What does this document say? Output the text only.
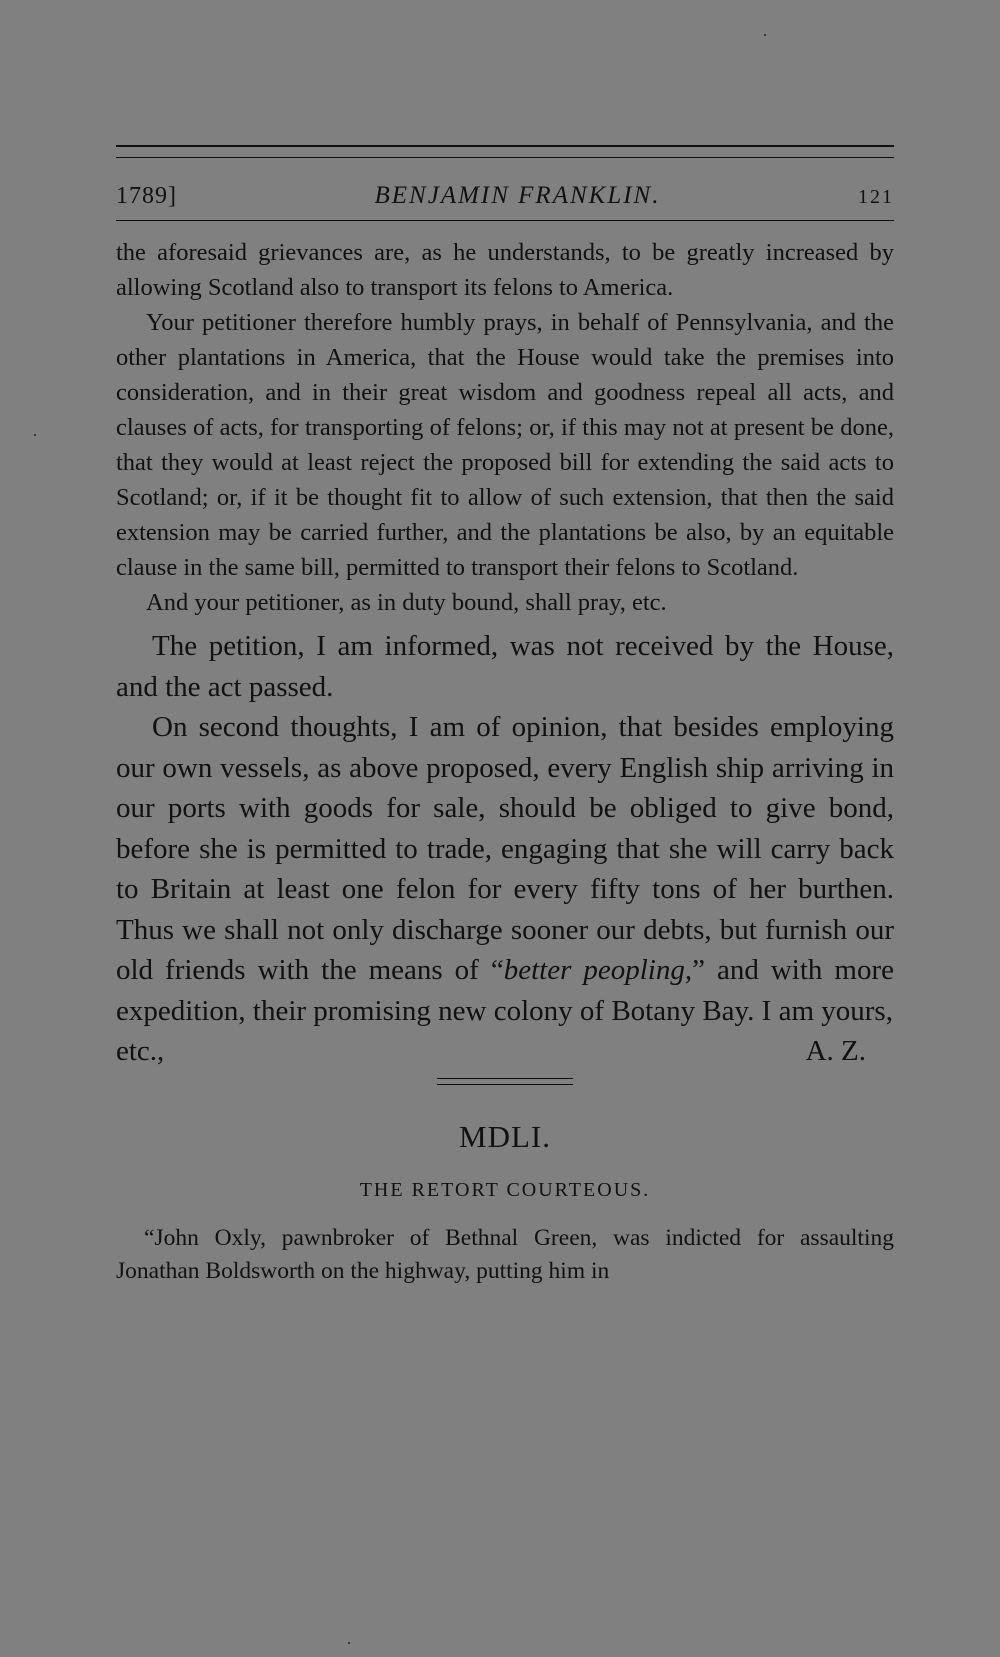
1789]	BENJAMIN FRANKLIN.	121

the aforesaid grievances are, as he understands, to be greatly increased by allowing Scotland also to transport its felons to America.

Your petitioner therefore humbly prays, in behalf of Pennsylvania, and the other plantations in America, that the House would take the premises into consideration, and in their great wisdom and goodness repeal all acts, and clauses of acts, for transporting of felons; or, if this may not at present be done, that they would at least reject the proposed bill for extending the said acts to Scotland; or, if it be thought fit to allow of such extension, that then the said extension may be carried further, and the plantations be also, by an equitable clause in the same bill, permitted to transport their felons to Scotland.

And your petitioner, as in duty bound, shall pray, etc.

The petition, I am informed, was not received by the House, and the act passed.

On second thoughts, I am of opinion, that besides employing our own vessels, as above proposed, every English ship arriving in our ports with goods for sale, should be obliged to give bond, before she is permitted to trade, engaging that she will carry back to Britain at least one felon for every fifty tons of her burthen. Thus we shall not only discharge sooner our debts, but furnish our old friends with the means of “better peopling,” and with more expedition, their promising new colony of Botany Bay. I am yours,

etc.,	A. Z.
MDLI.
THE RETORT COURTEOUS.

“John Oxly, pawnbroker of Bethnal Green, was indicted for assaulting Jonathan Boldsworth on the highway, putting him in
